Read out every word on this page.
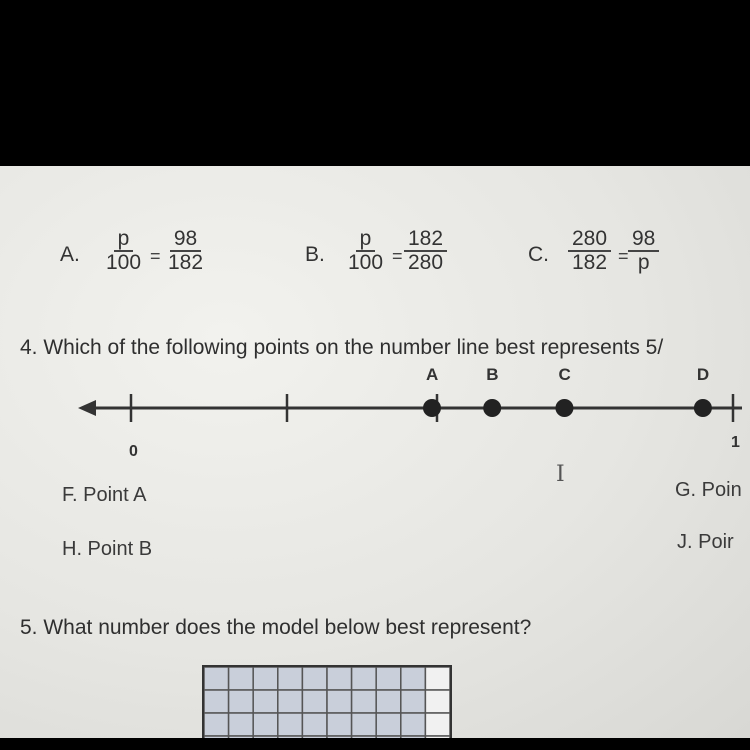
A. $\frac{p}{100} = \frac{98}{182}$	B. $\frac{p}{100} = \frac{182}{280}$	C. $\frac{280}{182} = \frac{98}{p}$
4. Which of the following points on the number line best represents 5/
A	B	C	D
0
1
F. Point A	G. Poin
H. Point B	J. Poir
I
5. What number does the model below best represent?
